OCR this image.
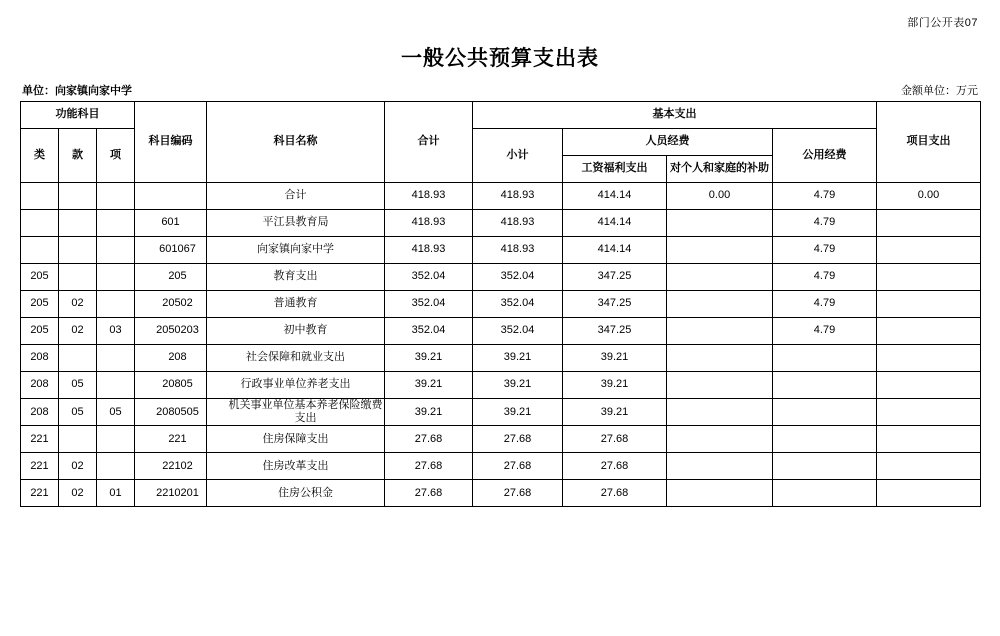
部门公开表07
一般公共预算支出表
单位：向家镇向家中学	金额单位：万元
功能科目			科目编码	科目名称	合计	基本支出				项目支出
类	款	项				小计	人员经费		公用经费	
							工资福利支出	对个人和家庭的补助		
				合计	418.93	418.93	414.14	0.00	4.79	0.00
			601	平江县教育局	418.93	418.93	414.14		4.79	
			601067	向家镇向家中学	418.93	418.93	414.14		4.79	
205			205	教育支出	352.04	352.04	347.25		4.79	
205	02		20502	普通教育	352.04	352.04	347.25		4.79	
205	02	03	2050203	初中教育	352.04	352.04	347.25		4.79	
208			208	社会保障和就业支出	39.21	39.21	39.21			
208	05		20805	行政事业单位养老支出	39.21	39.21	39.21			
208	05	05	2080505	机关事业单位基本养老保险缴费支出	39.21	39.21	39.21			
221			221	住房保障支出	27.68	27.68	27.68			
221	02		22102	住房改革支出	27.68	27.68	27.68			
221	02	01	2210201	住房公积金	27.68	27.68	27.68			
